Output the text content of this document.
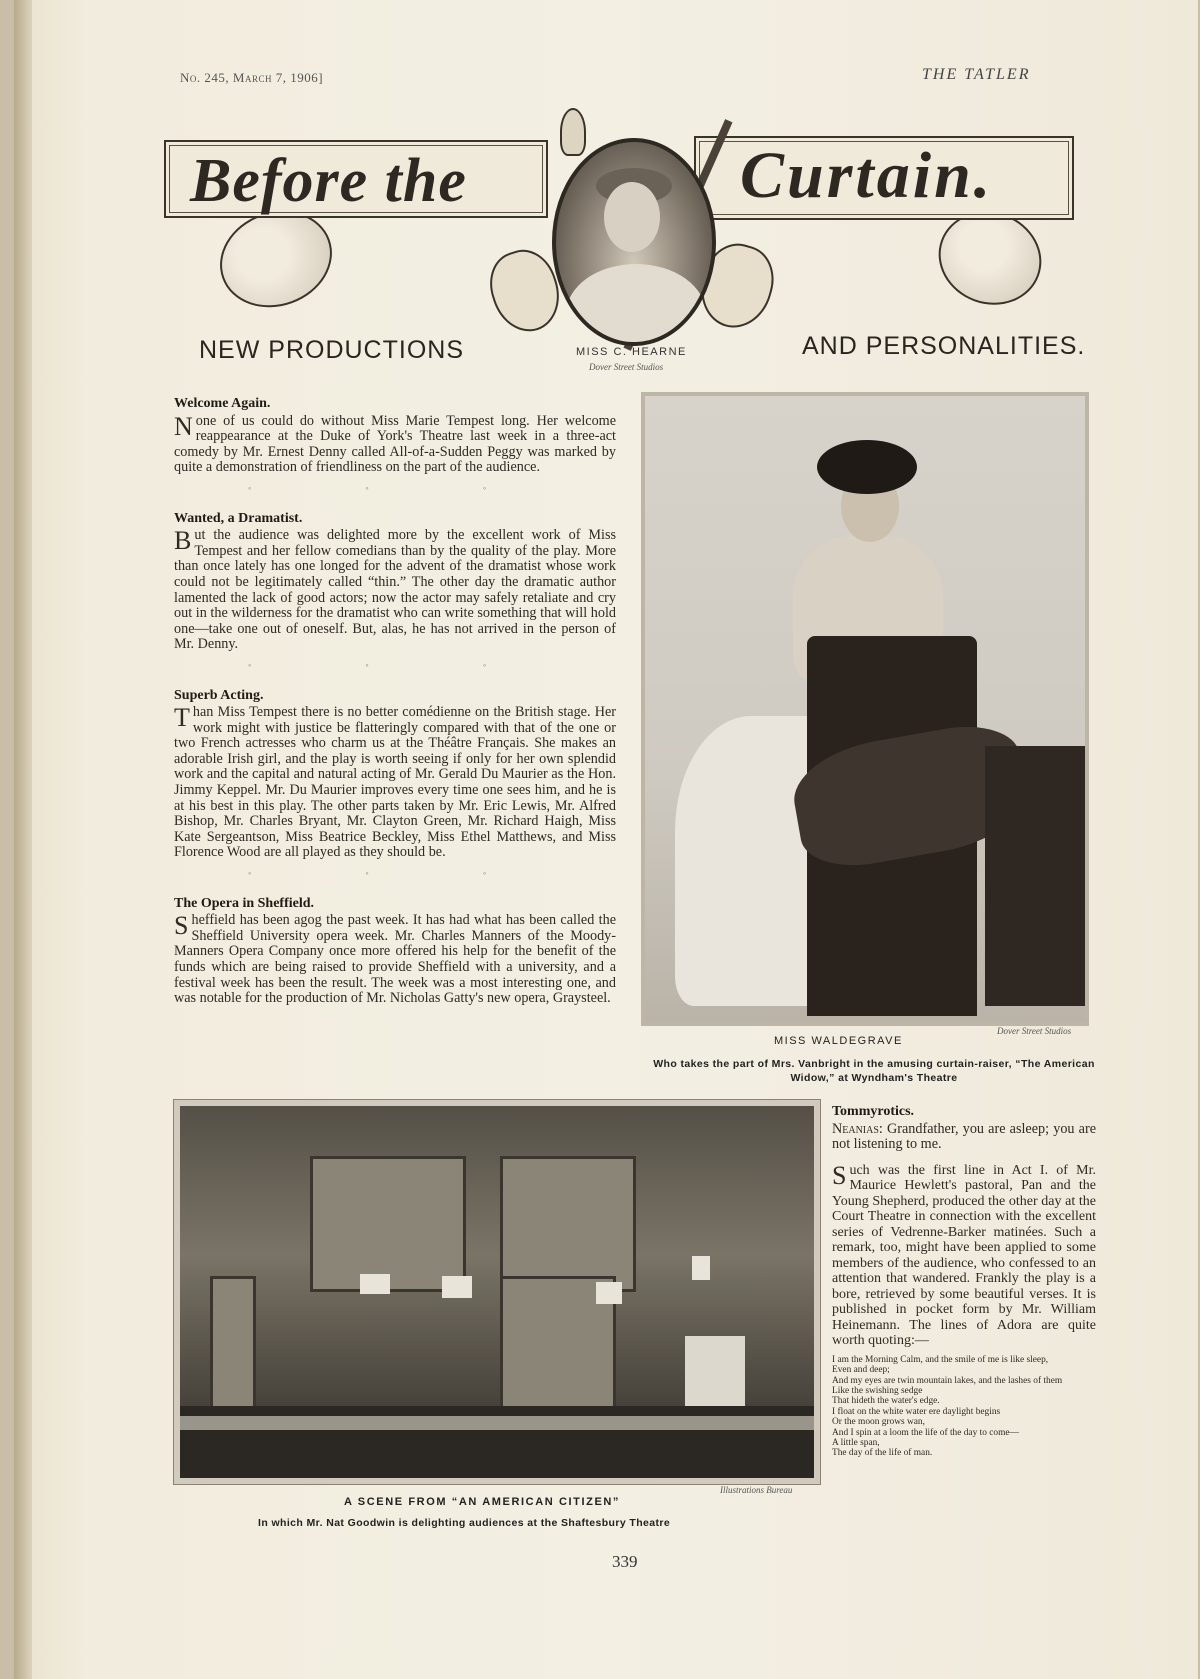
No. 245, March 7, 1906]	THE TATLER
Before the	Curtain.
NEW PRODUCTIONS	AND PERSONALITIES.
MISS C. HEARNE
Dover Street Studios
Welcome Again.

None of us could do without Miss Marie Tempest long. Her welcome reappearance at the Duke of York's Theatre last week in a three-act comedy by Mr. Ernest Denny called All-of-a-Sudden Peggy was marked by quite a demonstration of friendliness on the part of the audience.

◦ ◦ ◦
Wanted, a Dramatist.

But the audience was delighted more by the excellent work of Miss Tempest and her fellow comedians than by the quality of the play. More than once lately has one longed for the advent of the dramatist whose work could not be legitimately called “thin.” The other day the dramatic author lamented the lack of good actors; now the actor may safely retaliate and cry out in the wilderness for the dramatist who can write something that will hold one—take one out of oneself. But, alas, he has not arrived in the person of Mr. Denny.

◦ ◦ ◦
Superb Acting.

Than Miss Tempest there is no better comédienne on the British stage. Her work might with justice be flatteringly compared with that of the one or two French actresses who charm us at the Théâtre Français. She makes an adorable Irish girl, and the play is worth seeing if only for her own splendid work and the capital and natural acting of Mr. Gerald Du Maurier as the Hon. Jimmy Keppel. Mr. Du Maurier improves every time one sees him, and he is at his best in this play. The other parts taken by Mr. Eric Lewis, Mr. Alfred Bishop, Mr. Charles Bryant, Mr. Clayton Green, Mr. Richard Haigh, Miss Kate Sergeantson, Miss Beatrice Beckley, Miss Ethel Matthews, and Miss Florence Wood are all played as they should be.

◦ ◦ ◦
The Opera in Sheffield.

Sheffield has been agog the past week. It has had what has been called the Sheffield University opera week. Mr. Charles Manners of the Moody-Manners Opera Company once more offered his help for the benefit of the funds which are being raised to provide Sheffield with a university, and a festival week has been the result. The week was a most interesting one, and was notable for the production of Mr. Nicholas Gatty's new opera, Graysteel.

Dover Street Studios
MISS WALDEGRAVE
Who takes the part of Mrs. Vanbright in the amusing curtain-raiser, “The American Widow,” at Wyndham's Theatre
Illustrations Bureau
A SCENE FROM “AN AMERICAN CITIZEN”
In which Mr. Nat Goodwin is delighting audiences at the Shaftesbury Theatre
Tommyrotics.

Neanias: Grandfather, you are asleep; you are not listening to me.

Such was the first line in Act I. of Mr. Maurice Hewlett's pastoral, Pan and the Young Shepherd, produced the other day at the Court Theatre in connection with the excellent series of Vedrenne-Barker matinées. Such a remark, too, might have been applied to some members of the audience, who confessed to an attention that wandered. Frankly the play is a bore, retrieved by some beautiful verses. It is published in pocket form by Mr. William Heinemann. The lines of Adora are quite worth quoting:—

I am the Morning Calm, and the smile of me is like sleep,
Even and deep;
And my eyes are twin mountain lakes, and the lashes of them
Like the swishing sedge
That hideth the water's edge.
I float on the white water ere daylight begins
Or the moon grows wan,
And I spin at a loom the life of the day to come—
A little span,
The day of the life of man.
339
